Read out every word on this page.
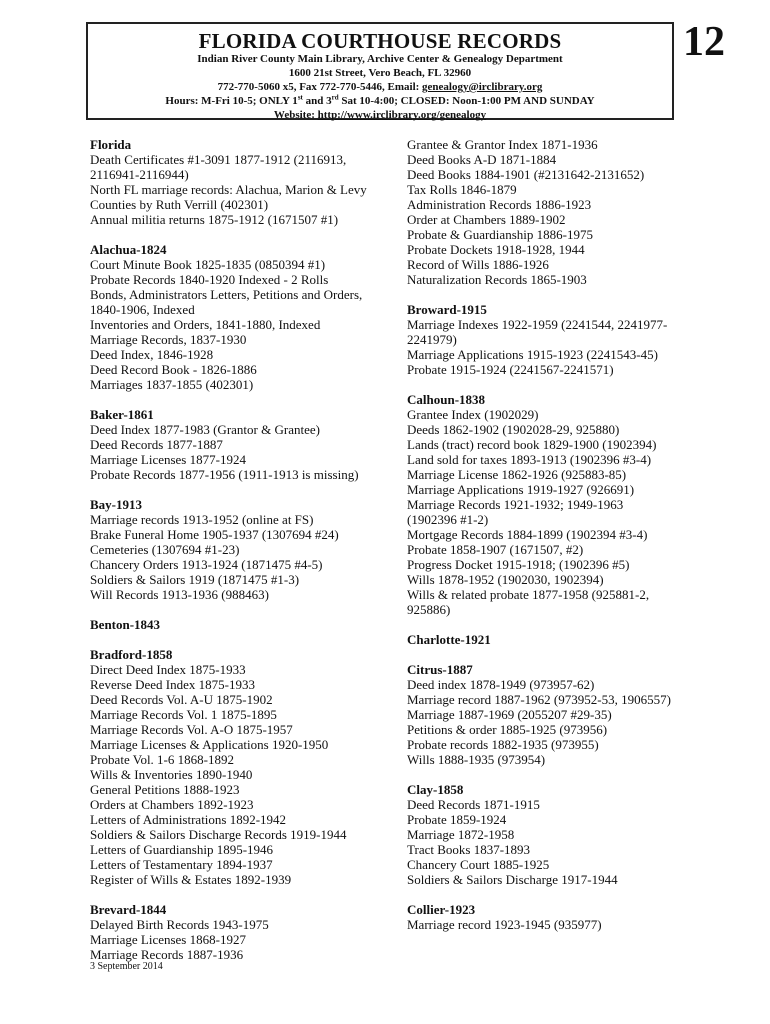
FLORIDA COURTHOUSE RECORDS
Indian River County Main Library, Archive Center & Genealogy Department
1600 21st Street, Vero Beach, FL 32960
772-770-5060 x5, Fax 772-770-5446, Email: genealogy@irclibrary.org
Hours: M-Fri 10-5; ONLY 1st and 3rd Sat 10-4:00; CLOSED: Noon-1:00 PM AND SUNDAY
Website: http://www.irclibrary.org/genealogy
12
Florida
Death Certificates #1-3091 1877-1912 (2116913,
2116941-2116944)
North FL marriage records: Alachua, Marion & Levy
Counties by Ruth Verrill (402301)
Annual militia returns 1875-1912 (1671507 #1)
Alachua-1824
Court Minute Book 1825-1835 (0850394 #1)
Probate Records 1840-1920 Indexed - 2 Rolls
Bonds, Administrators Letters, Petitions and Orders,
1840-1906, Indexed
Inventories and Orders, 1841-1880, Indexed
Marriage Records, 1837-1930
Deed Index, 1846-1928
Deed Record Book - 1826-1886
Marriages 1837-1855 (402301)
Baker-1861
Deed Index 1877-1983 (Grantor & Grantee)
Deed Records 1877-1887
Marriage Licenses 1877-1924
Probate Records 1877-1956 (1911-1913 is missing)
Bay-1913
Marriage records 1913-1952 (online at FS)
Brake Funeral Home 1905-1937 (1307694 #24)
Cemeteries (1307694 #1-23)
Chancery Orders 1913-1924 (1871475 #4-5)
Soldiers & Sailors 1919 (1871475 #1-3)
Will Records 1913-1936 (988463)
Benton-1843
Bradford-1858
Direct Deed Index 1875-1933
Reverse Deed Index 1875-1933
Deed Records Vol. A-U 1875-1902
Marriage Records Vol. 1 1875-1895
Marriage Records Vol. A-O 1875-1957
Marriage Licenses & Applications 1920-1950
Probate Vol. 1-6 1868-1892
Wills & Inventories 1890-1940
General Petitions 1888-1923
Orders at Chambers 1892-1923
Letters of Administrations 1892-1942
Soldiers & Sailors Discharge Records 1919-1944
Letters of Guardianship 1895-1946
Letters of Testamentary 1894-1937
Register of Wills & Estates 1892-1939
Brevard-1844
Delayed Birth Records 1943-1975
Marriage Licenses 1868-1927
Marriage Records 1887-1936
Grantee & Grantor Index 1871-1936
Deed Books A-D 1871-1884
Deed Books 1884-1901 (#2131642-2131652)
Tax Rolls 1846-1879
Administration Records 1886-1923
Order at Chambers 1889-1902
Probate & Guardianship 1886-1975
Probate Dockets 1918-1928, 1944
Record of Wills 1886-1926
Naturalization Records 1865-1903
Broward-1915
Marriage Indexes 1922-1959 (2241544, 2241977-
2241979)
Marriage Applications 1915-1923 (2241543-45)
Probate 1915-1924 (2241567-2241571)
Calhoun-1838
Grantee Index (1902029)
Deeds 1862-1902 (1902028-29, 925880)
Lands (tract) record book 1829-1900 (1902394)
Land sold for taxes 1893-1913 (1902396 #3-4)
Marriage License 1862-1926 (925883-85)
Marriage Applications 1919-1927 (926691)
Marriage Records 1921-1932; 1949-1963
(1902396 #1-2)
Mortgage Records 1884-1899 (1902394 #3-4)
Probate 1858-1907 (1671507, #2)
Progress Docket 1915-1918; (1902396 #5)
Wills 1878-1952 (1902030, 1902394)
Wills & related probate 1877-1958 (925881-2,
925886)
Charlotte-1921
Citrus-1887
Deed index 1878-1949 (973957-62)
Marriage record 1887-1962 (973952-53, 1906557)
Marriage 1887-1969 (2055207 #29-35)
Petitions & order 1885-1925 (973956)
Probate records 1882-1935 (973955)
Wills 1888-1935 (973954)
Clay-1858
Deed Records 1871-1915
Probate 1859-1924
Marriage 1872-1958
Tract Books 1837-1893
Chancery Court 1885-1925
Soldiers & Sailors Discharge 1917-1944
Collier-1923
Marriage record 1923-1945 (935977)
3 September 2014
